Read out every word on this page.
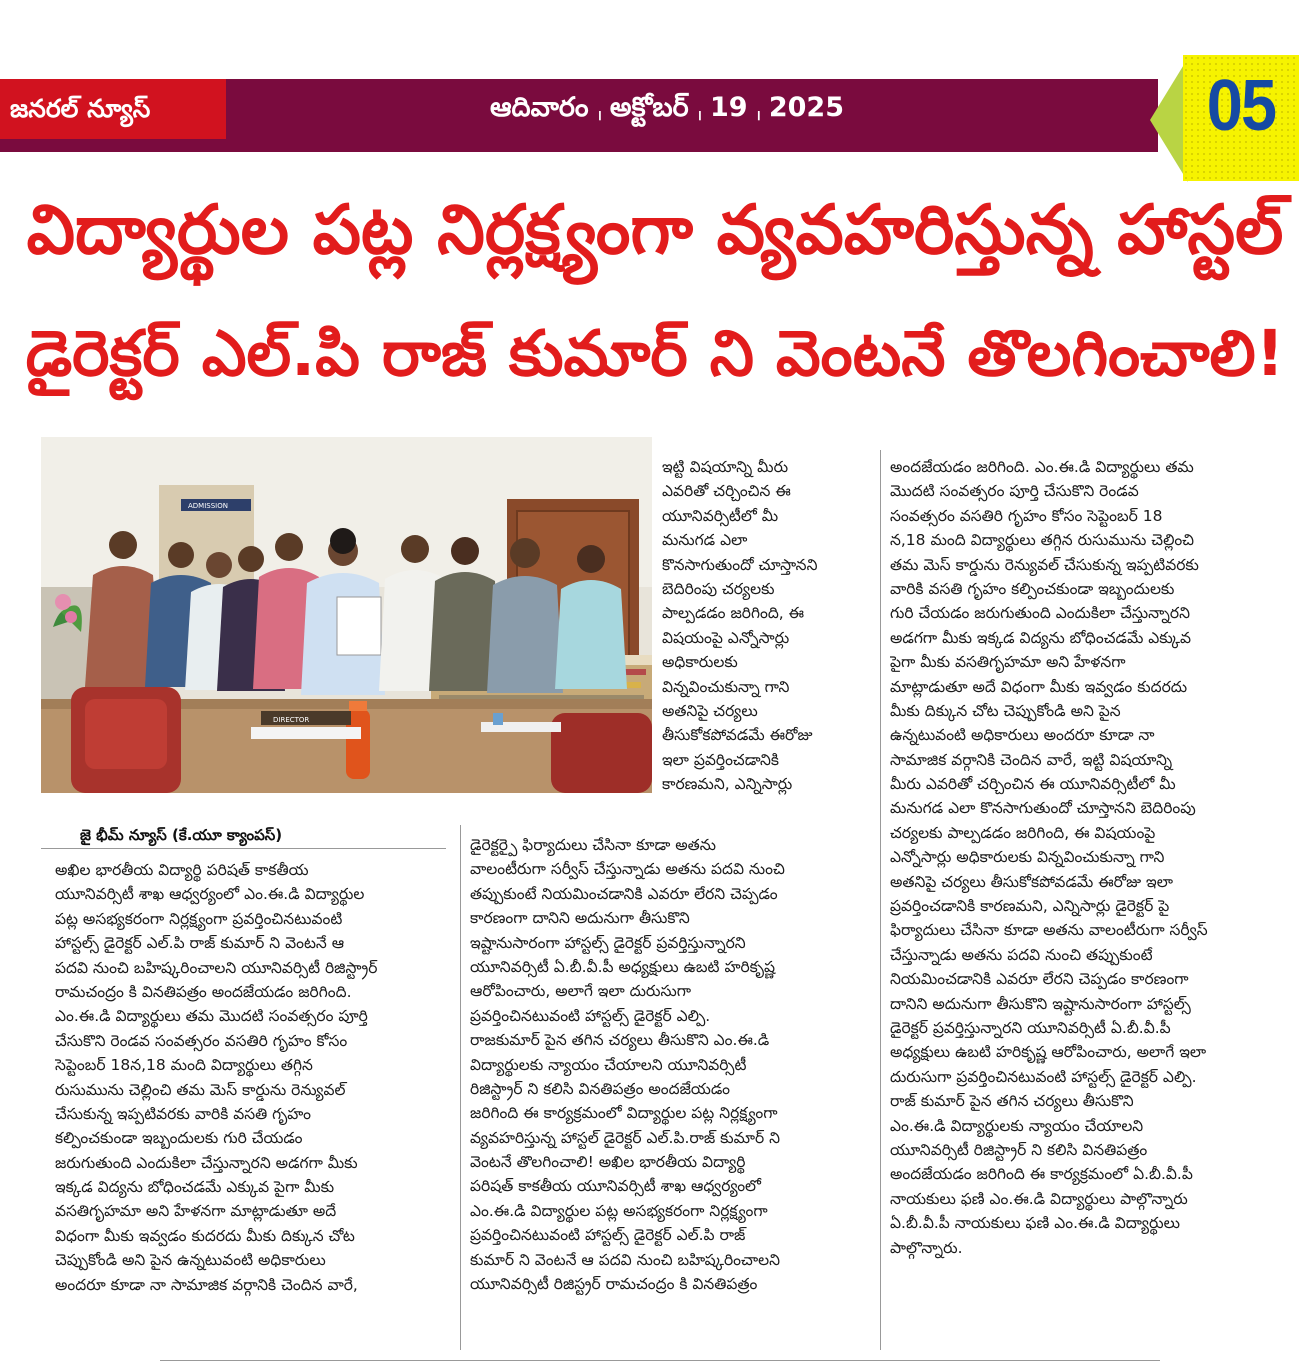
జనరల్ న్యూస్	ఆదివారం । అక్టోబర్ । 19 । 2025	05
విద్యార్థుల పట్ల నిర్లక్ష్యంగా వ్యవహరిస్తున్న హాస్టల్
డైరెక్టర్ ఎల్.పి రాజ్ కుమార్ ని వెంటనే తొలగించాలి!
ADMISSION
DIRECTOR
జై భీమ్ న్యూస్ (కే.యూ క్యాంపస్)
అఖిల భారతీయ విద్యార్థి పరిషత్ కాకతీయ
యూనివర్సిటీ శాఖ ఆధ్వర్యంలో ఎం.ఈ.డి విద్యార్థుల
పట్ల అసభ్యకరంగా నిర్లక్ష్యంగా ప్రవర్తించినటువంటి
హాస్టల్స్ డైరెక్టర్ ఎల్.పి రాజ్ కుమార్ ని వెంటనే ఆ
పదవి నుంచి బహిష్కరించాలని యూనివర్సిటీ రిజిస్ట్రార్
రామచంద్రం కి వినతిపత్రం అందజేయడం జరిగింది.
ఎం.ఈ.డి విద్యార్థులు తమ మొదటి సంవత్సరం పూర్తి
చేసుకొని రెండవ సంవత్సరం వసతిరి గృహం కోసం
సెప్టెంబర్ 18న,18 మంది విద్యార్థులు తగ్గిన
రుసుమును చెల్లించి తమ మెస్ కార్డును రెన్యువల్
చేసుకున్న ఇప్పటివరకు వారికి వసతి గృహం
కల్పించకుండా ఇబ్బందులకు గురి చేయడం
జరుగుతుంది ఎందుకిలా చేస్తున్నారని అడగగా మీకు
ఇక్కడ విద్యను బోధించడమే ఎక్కువ పైగా మీకు
వసతిగృహమా అని హేళనగా మాట్లాడుతూ అదే
విధంగా మీకు ఇవ్వడం కుదరదు మీకు దిక్కున చోట
చెప్పుకోండి అని పైన ఉన్నటువంటి అధికారులు
అందరూ కూడా నా సామాజిక వర్గానికి చెందిన వారే,
ఇట్టి విషయాన్ని మీరు
ఎవరితో చర్చించిన ఈ
యూనివర్సిటీలో మీ
మనుగడ ఎలా
కొనసాగుతుందో చూస్తానని
బెదిరింపు చర్యలకు
పాల్పడడం జరిగింది, ఈ
విషయంపై ఎన్నోసార్లు
అధికారులకు
విన్నవించుకున్నా గాని
అతనిపై చర్యలు
తీసుకోకపోవడమే ఈరోజు
ఇలా ప్రవర్తించడానికి
కారణమని, ఎన్నిసార్లు
డైరెక్టర్పై ఫిర్యాదులు చేసినా కూడా అతను
వాలంటీరుగా సర్వీస్ చేస్తున్నాడు అతను పదవి నుంచి
తప్పుకుంటే నియమించడానికి ఎవరూ లేరని చెప్పడం
కారణంగా దానిని అదునుగా తీసుకొని
ఇష్టానుసారంగా హాస్టల్స్ డైరెక్టర్ ప్రవర్తిస్తున్నారని
యూనివర్సిటీ ఏ.బీ.వీ.పీ అధ్యక్షులు ఉబటి హరికృష్ణ
ఆరోపించారు, అలాగే ఇలా దురుసుగా
ప్రవర్తించినటువంటి హాస్టల్స్ డైరెక్టర్ ఎల్పి.
రాజకుమార్ పైన తగిన చర్యలు తీసుకొని ఎం.ఈ.డి
విద్యార్థులకు న్యాయం చేయాలని యూనివర్సిటీ
రిజిస్ట్రార్ ని కలిసి వినతిపత్రం అందజేయడం
జరిగింది ఈ కార్యక్రమంలో విద్యార్థుల పట్ల నిర్లక్ష్యంగా
వ్యవహరిస్తున్న హాస్టల్ డైరెక్టర్ ఎల్.పి.రాజ్ కుమార్ ని
వెంటనే తొలగించాలి! అఖిల భారతీయ విద్యార్థి
పరిషత్ కాకతీయ యూనివర్సిటీ శాఖ ఆధ్వర్యంలో
ఎం.ఈ.డి విద్యార్థుల పట్ల అసభ్యకరంగా నిర్లక్ష్యంగా
ప్రవర్తించినటువంటి హాస్టల్స్ డైరెక్టర్ ఎల్.పి రాజ్
కుమార్ ని వెంటనే ఆ పదవి నుంచి బహిష్కరించాలని
యూనివర్సిటీ రిజిస్ట్రర్ రామచంద్రం కి వినతిపత్రం
అందజేయడం జరిగింది. ఎం.ఈ.డి విద్యార్థులు తమ
మొదటి సంవత్సరం పూర్తి చేసుకొని రెండవ
సంవత్సరం వసతిరి గృహం కోసం సెప్టెంబర్ 18
న,18 మంది విద్యార్థులు తగ్గిన రుసుమును చెల్లించి
తమ మెస్ కార్డును రెన్యువల్ చేసుకున్న ఇప్పటివరకు
వారికి వసతి గృహం కల్పించకుండా ఇబ్బందులకు
గురి చేయడం జరుగుతుంది ఎందుకిలా చేస్తున్నారని
అడగగా మీకు ఇక్కడ విద్యను బోధించడమే ఎక్కువ
పైగా మీకు వసతిగృహమా అని హేళనగా
మాట్లాడుతూ అదే విధంగా మీకు ఇవ్వడం కుదరదు
మీకు దిక్కున చోట చెప్పుకోండి అని పైన
ఉన్నటువంటి అధికారులు అందరూ కూడా నా
సామాజిక వర్గానికి చెందిన వారే, ఇట్టి విషయాన్ని
మీరు ఎవరితో చర్చించిన ఈ యూనివర్సిటీలో మీ
మనుగడ ఎలా కొనసాగుతుందో చూస్తానని బెదిరింపు
చర్యలకు పాల్పడడం జరిగింది, ఈ విషయంపై
ఎన్నోసార్లు అధికారులకు విన్నవించుకున్నా గాని
అతనిపై చర్యలు తీసుకోకపోవడమే ఈరోజు ఇలా
ప్రవర్తించడానికి కారణమని, ఎన్నిసార్లు డైరెక్టర్ పై
ఫిర్యాదులు చేసినా కూడా అతను వాలంటీరుగా సర్వీస్
చేస్తున్నాడు అతను పదవి నుంచి తప్పుకుంటే
నియమించడానికి ఎవరూ లేరని చెప్పడం కారణంగా
దానిని అదునుగా తీసుకొని ఇష్టానుసారంగా హాస్టల్స్
డైరెక్టర్ ప్రవర్తిస్తున్నారని యూనివర్సిటీ ఏ.బీ.వీ.పీ
అధ్యక్షులు ఉబటి హరికృష్ణ ఆరోపించారు, అలాగే ఇలా
దురుసుగా ప్రవర్తించినటువంటి హాస్టల్స్ డైరెక్టర్ ఎల్పి.
రాజ్ కుమార్ పైన తగిన చర్యలు తీసుకొని
ఎం.ఈ.డి విద్యార్థులకు న్యాయం చేయాలని
యూనివర్సిటీ రిజిస్ట్రార్ ని కలిసి వినతిపత్రం
అందజేయడం జరిగింది ఈ కార్యక్రమంలో ఏ.బీ.వీ.పీ
నాయకులు ఫణి ఎం.ఈ.డి విద్యార్థులు పాల్గొన్నారు
ఏ.బీ.వీ.పీ నాయకులు ఫణి ఎం.ఈ.డి విద్యార్థులు
పాల్గొన్నారు.
